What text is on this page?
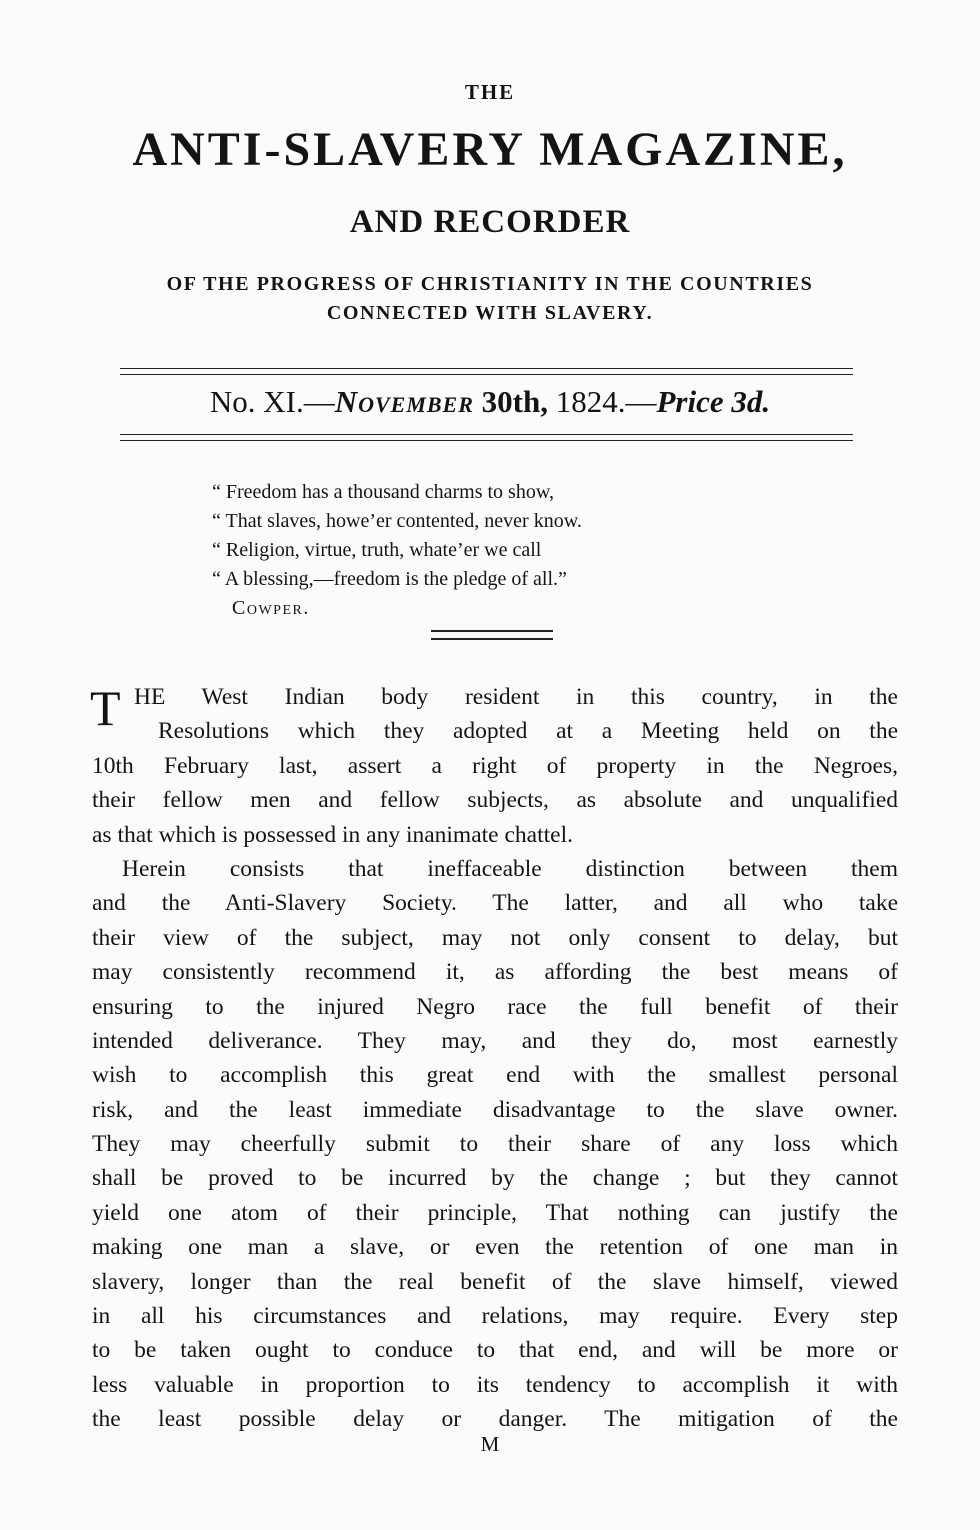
THE
ANTI-SLAVERY MAGAZINE,
AND RECORDER
OF THE PROGRESS OF CHRISTIANITY IN THE COUNTRIES
CONNECTED WITH SLAVERY.
No. XI.—November 30th, 1824.—Price 3d.
“ Freedom has a thousand charms to show,
“ That slaves, howe’er contented, never know.
“ Religion, virtue, truth, whate’er we call
“ A blessing,—freedom is the pledge of all.”
Cowper.
T HE West Indian body resident in this country, in the
Resolutions which they adopted at a Meeting held on the
10th February last, assert a right of property in the Negroes,
their fellow men and fellow subjects, as absolute and unqualified
as that which is possessed in any inanimate chattel.
Herein consists that ineffaceable distinction between them
and the Anti-Slavery Society. The latter, and all who take
their view of the subject, may not only consent to delay, but
may consistently recommend it, as affording the best means of
ensuring to the injured Negro race the full benefit of their
intended deliverance. They may, and they do, most earnestly
wish to accomplish this great end with the smallest personal
risk, and the least immediate disadvantage to the slave owner.
They may cheerfully submit to their share of any loss which
shall be proved to be incurred by the change ; but they cannot
yield one atom of their principle, That nothing can justify the
making one man a slave, or even the retention of one man in
slavery, longer than the real benefit of the slave himself, viewed
in all his circumstances and relations, may require. Every step
to be taken ought to conduce to that end, and will be more or
less valuable in proportion to its tendency to accomplish it with
the least possible delay or danger. The mitigation of the
M
